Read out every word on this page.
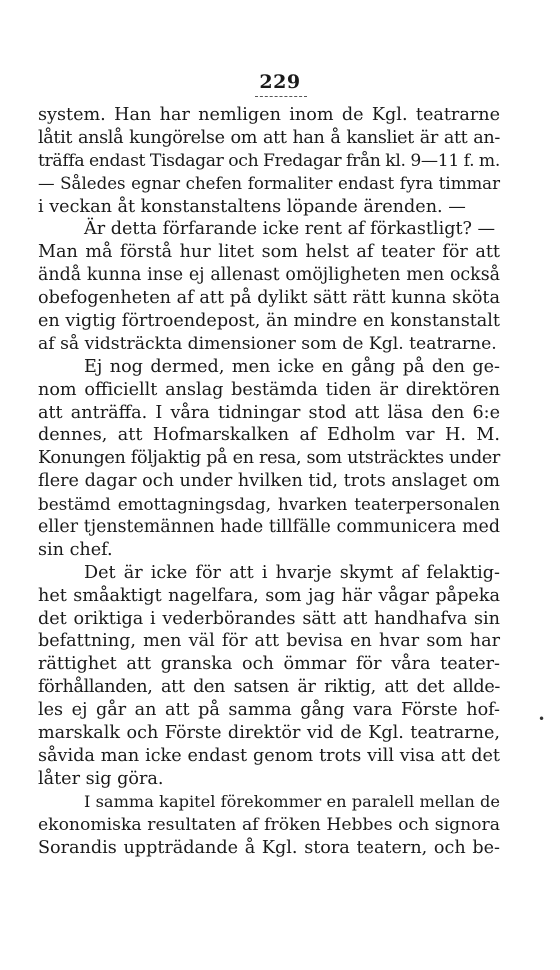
229
system. Han har nemligen inom de Kgl. teatrarne
låtit anslå kungörelse om att han å kansliet är att an-
träffa endast Tisdagar och Fredagar från kl. 9—11 f. m.
— Således egnar chefen formaliter endast fyra timmar
i veckan åt konstanstaltens löpande ärenden. —
Är detta förfarande icke rent af förkastligt? —
Man må förstå hur litet som helst af teater för att
ändå kunna inse ej allenast omöjligheten men också
obefogenheten af att på dylikt sätt rätt kunna sköta
en vigtig förtroendepost, än mindre en konstanstalt
af så vidsträckta dimensioner som de Kgl. teatrarne.
Ej nog dermed, men icke en gång på den ge-
nom officiellt anslag bestämda tiden är direktören
att anträffa. I våra tidningar stod att läsa den 6:e
dennes, att Hofmarskalken af Edholm var H. M.
Konungen följaktig på en resa, som utsträcktes under
flere dagar och under hvilken tid, trots anslaget om
bestämd emottagningsdag, hvarken teaterpersonalen
eller tjenstemännen hade tillfälle communicera med
sin chef.
Det är icke för att i hvarje skymt af felaktig-
het småaktigt nagelfara, som jag här vågar påpeka
det oriktiga i vederbörandes sätt att handhafva sin
befattning, men väl för att bevisa en hvar som har
rättighet att granska och ömmar för våra teater-
förhållanden, att den satsen är riktig, att det allde-
les ej går an att på samma gång vara Förste hof-
marskalk och Förste direktör vid de Kgl. teatrarne,
såvida man icke endast genom trots vill visa att det
låter sig göra.
I samma kapitel förekommer en paralell mellan de
ekonomiska resultaten af fröken Hebbes och signora
Sorandis uppträdande å Kgl. stora teatern, och be-
•
